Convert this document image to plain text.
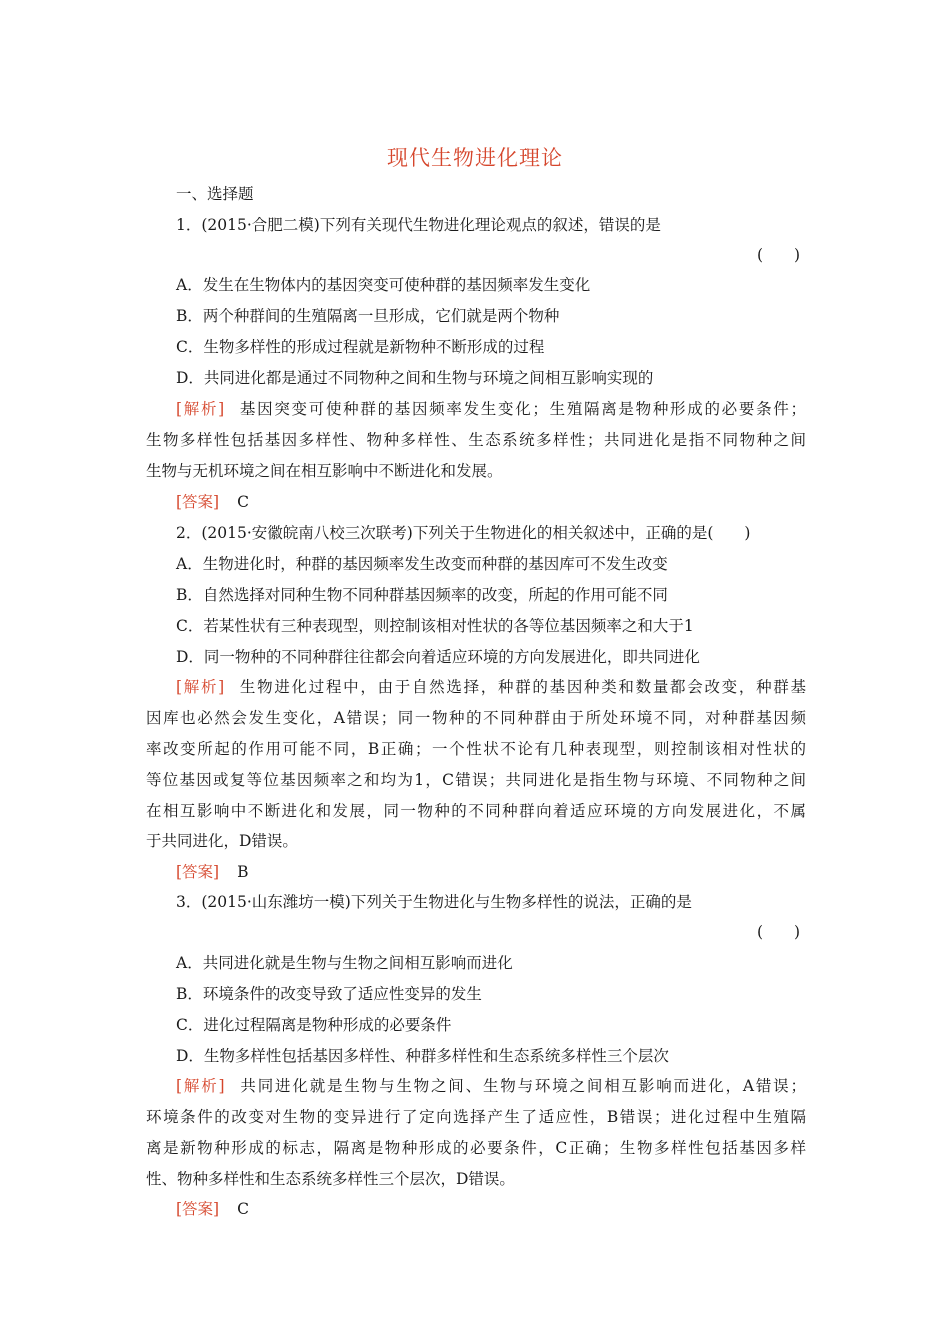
现代生物进化理论
一、选择题
1．(2015·合肥二模)下列有关现代生物进化理论观点的叙述，错误的是
(　　)
A．发生在生物体内的基因突变可使种群的基因频率发生变化
B．两个种群间的生殖隔离一旦形成，它们就是两个物种
C．生物多样性的形成过程就是新物种不断形成的过程
D．共同进化都是通过不同物种之间和生物与环境之间相互影响实现的
[解析] 基因突变可使种群的基因频率发生变化；生殖隔离是物种形成的必要条件；
生物多样性包括基因多样性、物种多样性、生态系统多样性；共同进化是指不同物种之间
生物与无机环境之间在相互影响中不断进化和发展。
[答案] C
2．(2015·安徽皖南八校三次联考)下列关于生物进化的相关叙述中，正确的是(　　)
A．生物进化时，种群的基因频率发生改变而种群的基因库可不发生改变
B．自然选择对同种生物不同种群基因频率的改变，所起的作用可能不同
C．若某性状有三种表现型，则控制该相对性状的各等位基因频率之和大于1
D．同一物种的不同种群往往都会向着适应环境的方向发展进化，即共同进化
[解析] 生物进化过程中，由于自然选择，种群的基因种类和数量都会改变，种群基
因库也必然会发生变化，A错误；同一物种的不同种群由于所处环境不同，对种群基因频
率改变所起的作用可能不同，B正确；一个性状不论有几种表现型，则控制该相对性状的
等位基因或复等位基因频率之和均为1，C错误；共同进化是指生物与环境、不同物种之间
在相互影响中不断进化和发展，同一物种的不同种群向着适应环境的方向发展进化，不属
于共同进化，D错误。
[答案] B
3．(2015·山东潍坊一模)下列关于生物进化与生物多样性的说法，正确的是
(　　)
A．共同进化就是生物与生物之间相互影响而进化
B．环境条件的改变导致了适应性变异的发生
C．进化过程隔离是物种形成的必要条件
D．生物多样性包括基因多样性、种群多样性和生态系统多样性三个层次
[解析] 共同进化就是生物与生物之间、生物与环境之间相互影响而进化，A错误；
环境条件的改变对生物的变异进行了定向选择产生了适应性，B错误；进化过程中生殖隔
离是新物种形成的标志，隔离是物种形成的必要条件，C正确；生物多样性包括基因多样
性、物种多样性和生态系统多样性三个层次，D错误。
[答案] C
